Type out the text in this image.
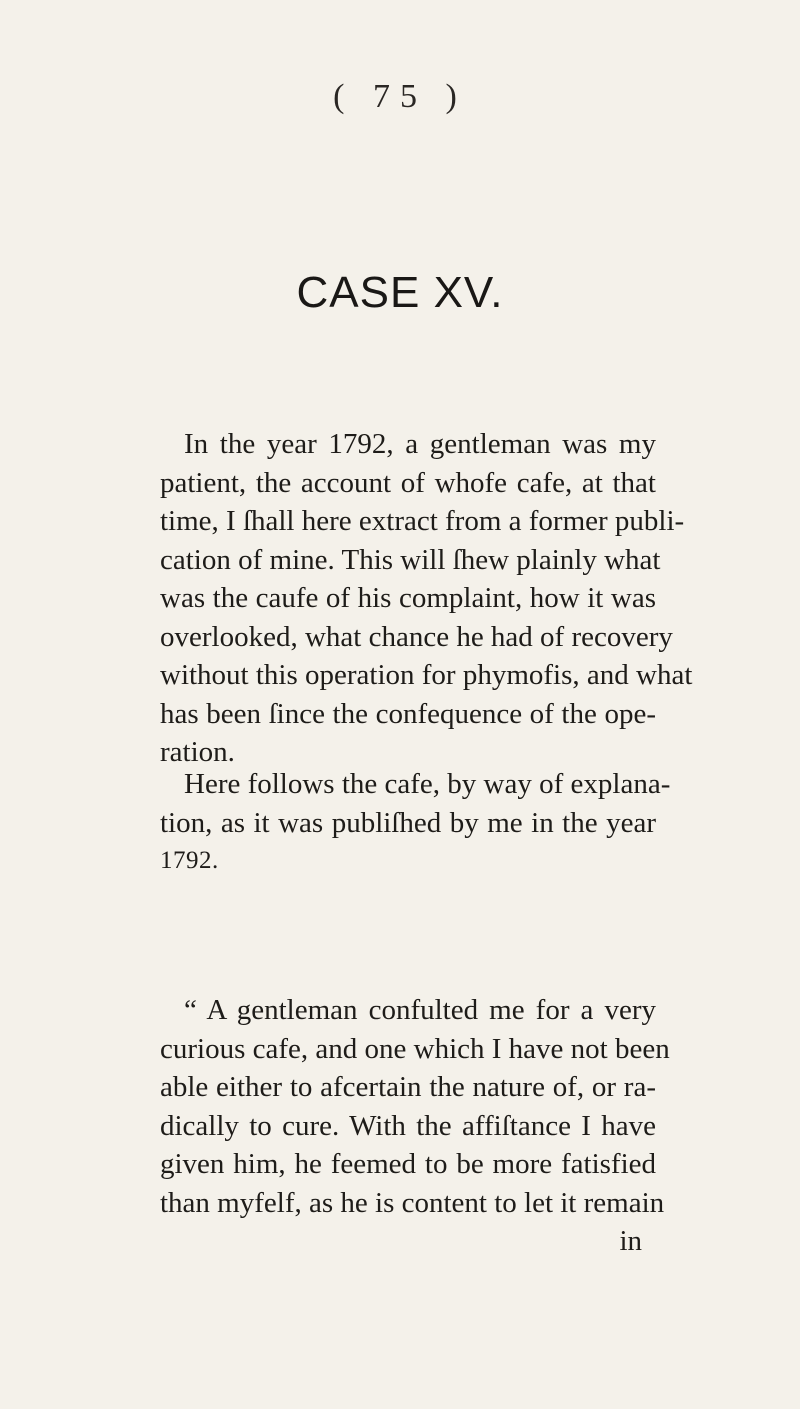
( 75 )
CASE XV.
In the year 1792, a gentleman was my
patient, the account of whofe cafe, at that
time, I ſhall here extract from a former publi-
cation of mine. This will ſhew plainly what
was the caufe of his complaint, how it was
overlooked, what chance he had of recovery
without this operation for phymofis, and what
has been ſince the confequence of the ope-
ration.
Here follows the cafe, by way of explana-
tion, as it was publiſhed by me in the year
1792.
“ A gentleman confulted me for a very
curious cafe, and one which I have not been
able either to afcertain the nature of, or ra-
dically to cure. With the affiſtance I have
given him, he feemed to be more fatisfied
than myfelf, as he is content to let it remain
in
